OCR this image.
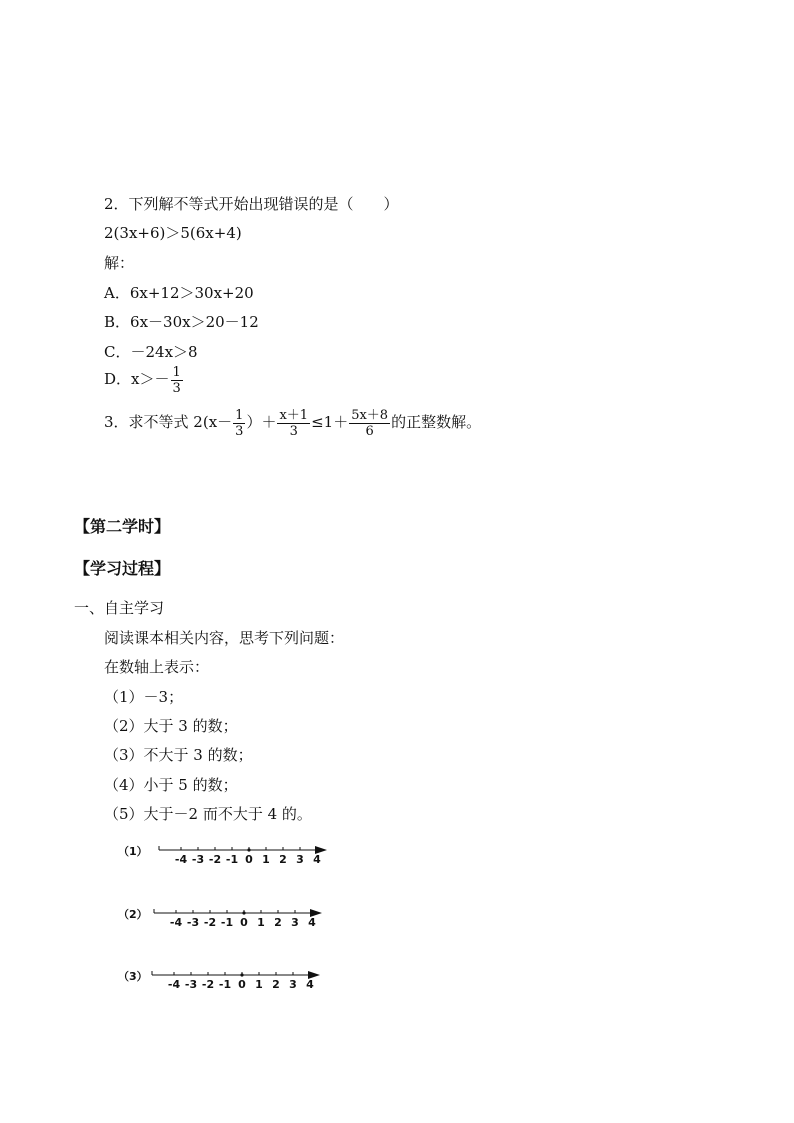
2．下列解不等式开始出现错误的是（　　）
2(3x+6)＞5(6x+4)
解：
A．6x+12＞30x+20
B．6x－30x＞20－12
C．－24x＞8
D．$x>- \frac{1}{3}$
3．求不等式 $2(x- \frac{1}{3}$ ）＋ $\frac{x+1}{3} \le 1+ \frac{5x+8}{6}$ 的正整数解。
【第二学时】
【学习过程】
一、自主学习
阅读课本相关内容，思考下列问题：
在数轴上表示：
（1）－3；
（2）大于 3 的数；
（3）不大于 3 的数；
（4）小于 5 的数；
（5）大于－2 而不大于 4 的。
（1）
-4 -3 -2 -1 0 1 2 3 4
（2）
-4 -3 -2 -1 0 1 2 3 4
（3）
-4 -3 -2 -1 0 1 2 3 4
